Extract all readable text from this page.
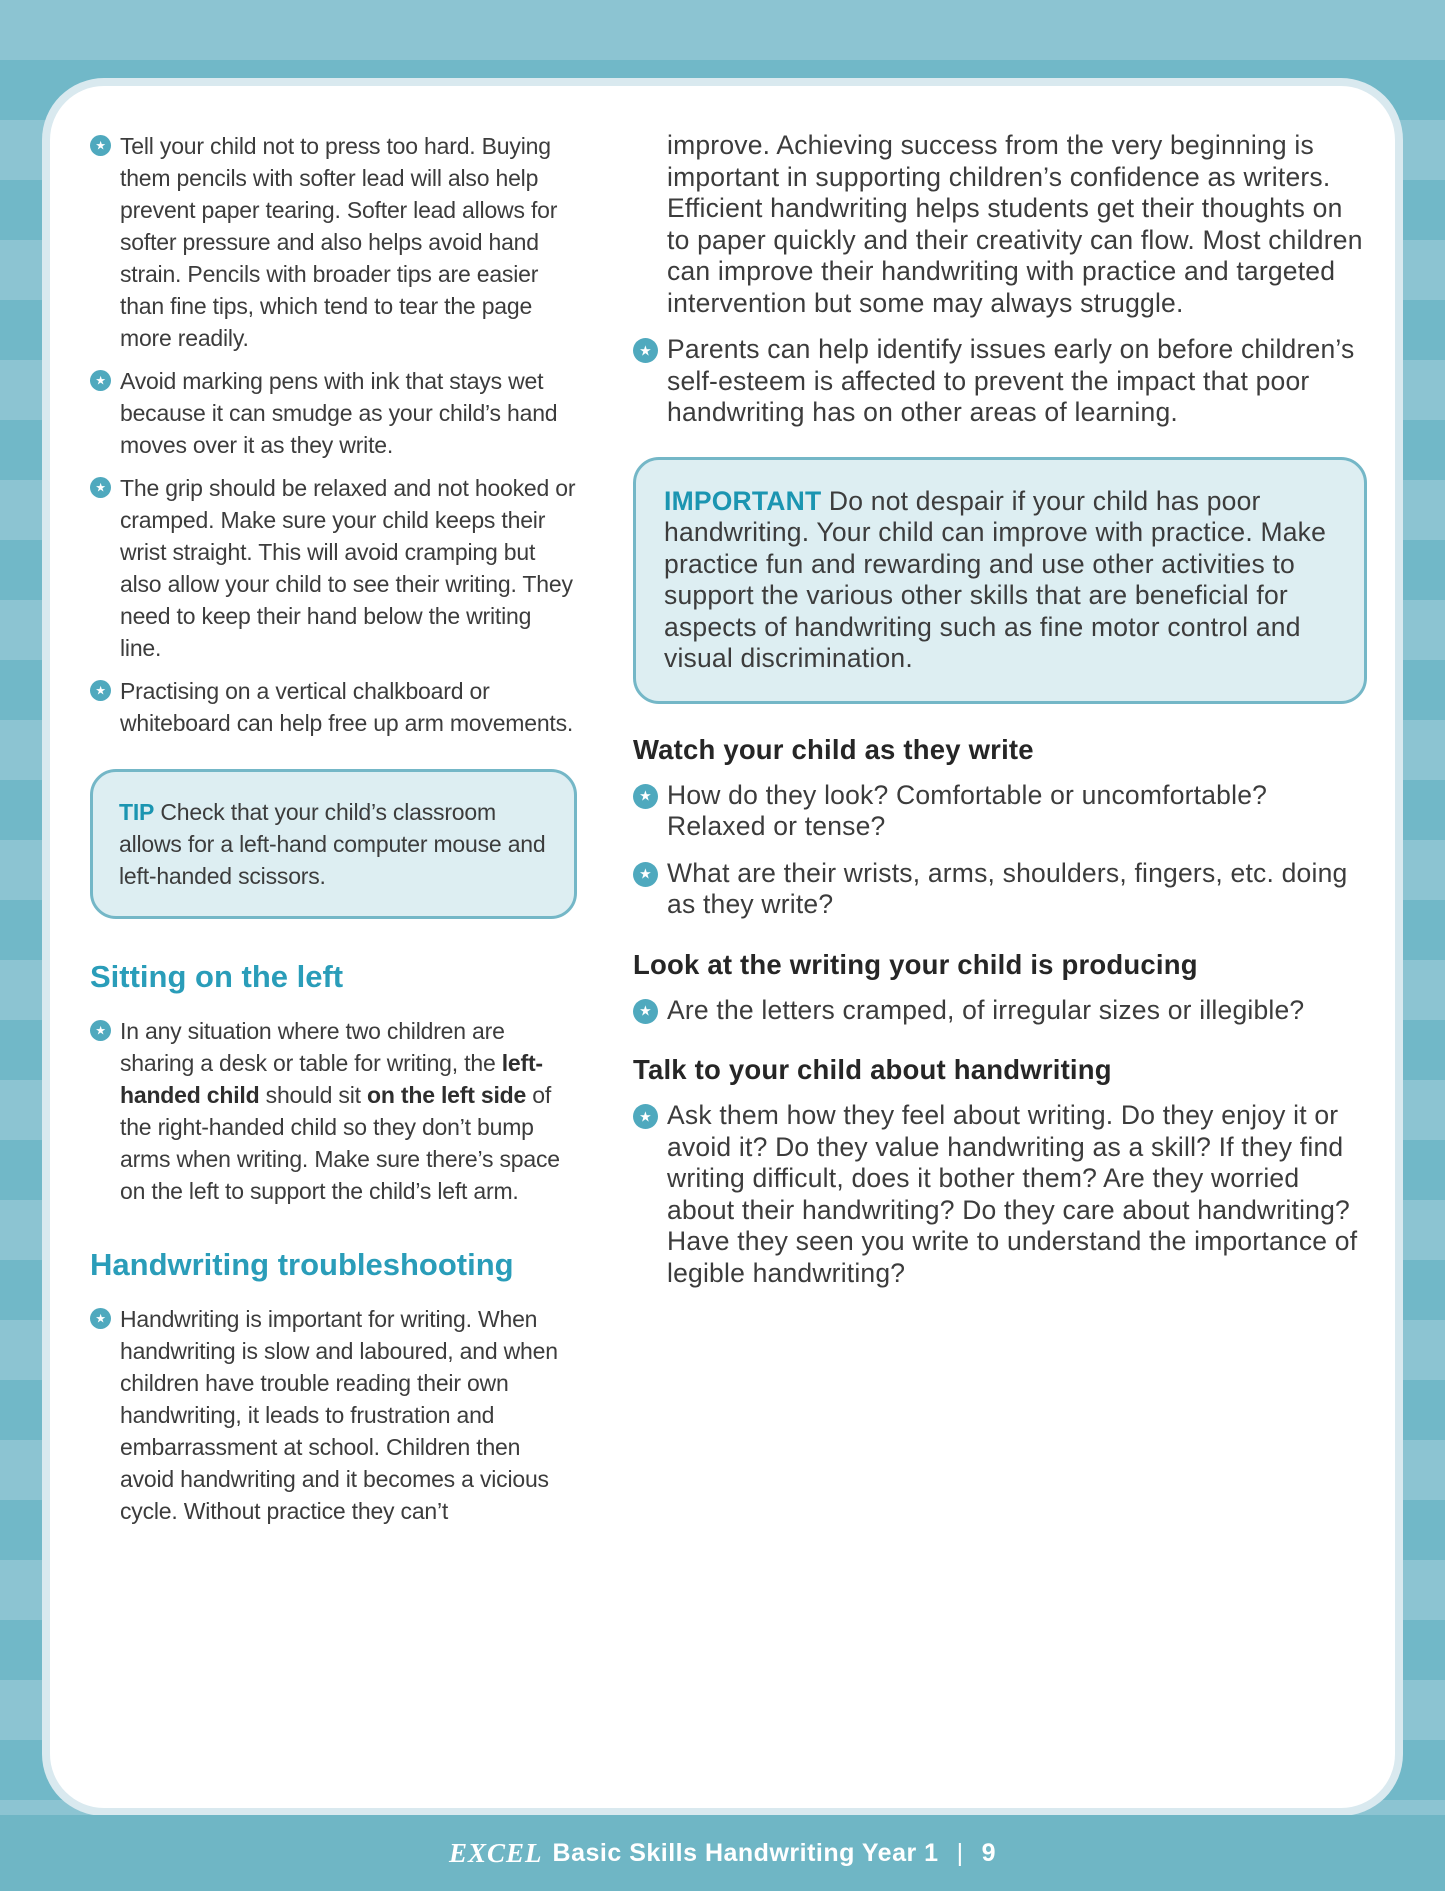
★ Tell your child not to press too hard. Buying them pencils with softer lead will also help prevent paper tearing. Softer lead allows for softer pressure and also helps avoid hand strain. Pencils with broader tips are easier than fine tips, which tend to tear the page more readily.
★ Avoid marking pens with ink that stays wet because it can smudge as your child’s hand moves over it as they write.
★ The grip should be relaxed and not hooked or cramped. Make sure your child keeps their wrist straight. This will avoid cramping but also allow your child to see their writing. They need to keep their hand below the writing line.
★ Practising on a vertical chalkboard or whiteboard can help free up arm movements.

TIP Check that your child’s classroom allows for a left-hand computer mouse and left-handed scissors.

Sitting on the left
★ In any situation where two children are sharing a desk or table for writing, the left-handed child should sit on the left side of the right-handed child so they don’t bump arms when writing. Make sure there’s space on the left to support the child’s left arm.
Handwriting troubleshooting
★ Handwriting is important for writing. When handwriting is slow and laboured, and when children have trouble reading their own handwriting, it leads to frustration and embarrassment at school. Children then avoid handwriting and it becomes a vicious cycle. Without practice they can’t

improve. Achieving success from the very beginning is important in supporting children’s confidence as writers. Efficient handwriting helps students get their thoughts on to paper quickly and their creativity can flow. Most children can improve their handwriting with practice and targeted intervention but some may always struggle.

★ Parents can help identify issues early on before children’s self-esteem is affected to prevent the impact that poor handwriting has on other areas of learning.

IMPORTANT Do not despair if your child has poor handwriting. Your child can improve with practice. Make practice fun and rewarding and use other activities to support the various other skills that are beneficial for aspects of handwriting such as fine motor control and visual discrimination.

Watch your child as they write
★ How do they look? Comfortable or uncomfortable? Relaxed or tense?
★ What are their wrists, arms, shoulders, fingers, etc. doing as they write?
Look at the writing your child is producing
★ Are the letters cramped, of irregular sizes or illegible?
Talk to your child about handwriting
★ Ask them how they feel about writing. Do they enjoy it or avoid it? Do they value handwriting as a skill? If they find writing difficult, does it bother them? Are they worried about their handwriting? Do they care about handwriting? Have they seen you write to understand the importance of legible handwriting?
EXCEL Basic Skills Handwriting Year 1 | 9
